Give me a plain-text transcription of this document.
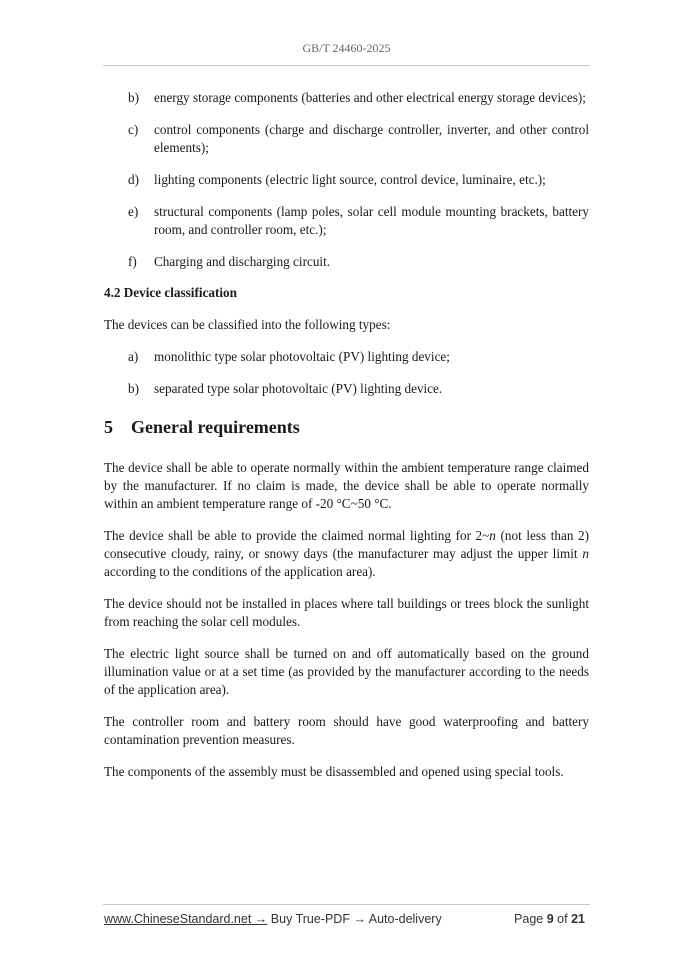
GB/T 24460-2025
b)	energy storage components (batteries and other electrical energy storage devices);
c)	control components (charge and discharge controller, inverter, and other control elements);
d)	lighting components (electric light source, control device, luminaire, etc.);
e)	structural components (lamp poles, solar cell module mounting brackets, battery room, and controller room, etc.);
f)	Charging and discharging circuit.
4.2 Device classification
The devices can be classified into the following types:
a)	monolithic type solar photovoltaic (PV) lighting device;
b)	separated type solar photovoltaic (PV) lighting device.
5 General requirements
The device shall be able to operate normally within the ambient temperature range claimed by the manufacturer. If no claim is made, the device shall be able to operate normally within an ambient temperature range of -20 °C~50 °C.
The device shall be able to provide the claimed normal lighting for 2~n (not less than 2) consecutive cloudy, rainy, or snowy days (the manufacturer may adjust the upper limit n according to the conditions of the application area).
The device should not be installed in places where tall buildings or trees block the sunlight from reaching the solar cell modules.
The electric light source shall be turned on and off automatically based on the ground illumination value or at a set time (as provided by the manufacturer according to the needs of the application area).
The controller room and battery room should have good waterproofing and battery contamination prevention measures.
The components of the assembly must be disassembled and opened using special tools.
www.ChineseStandard.net → Buy True-PDF → Auto-delivery	Page 9 of 21
